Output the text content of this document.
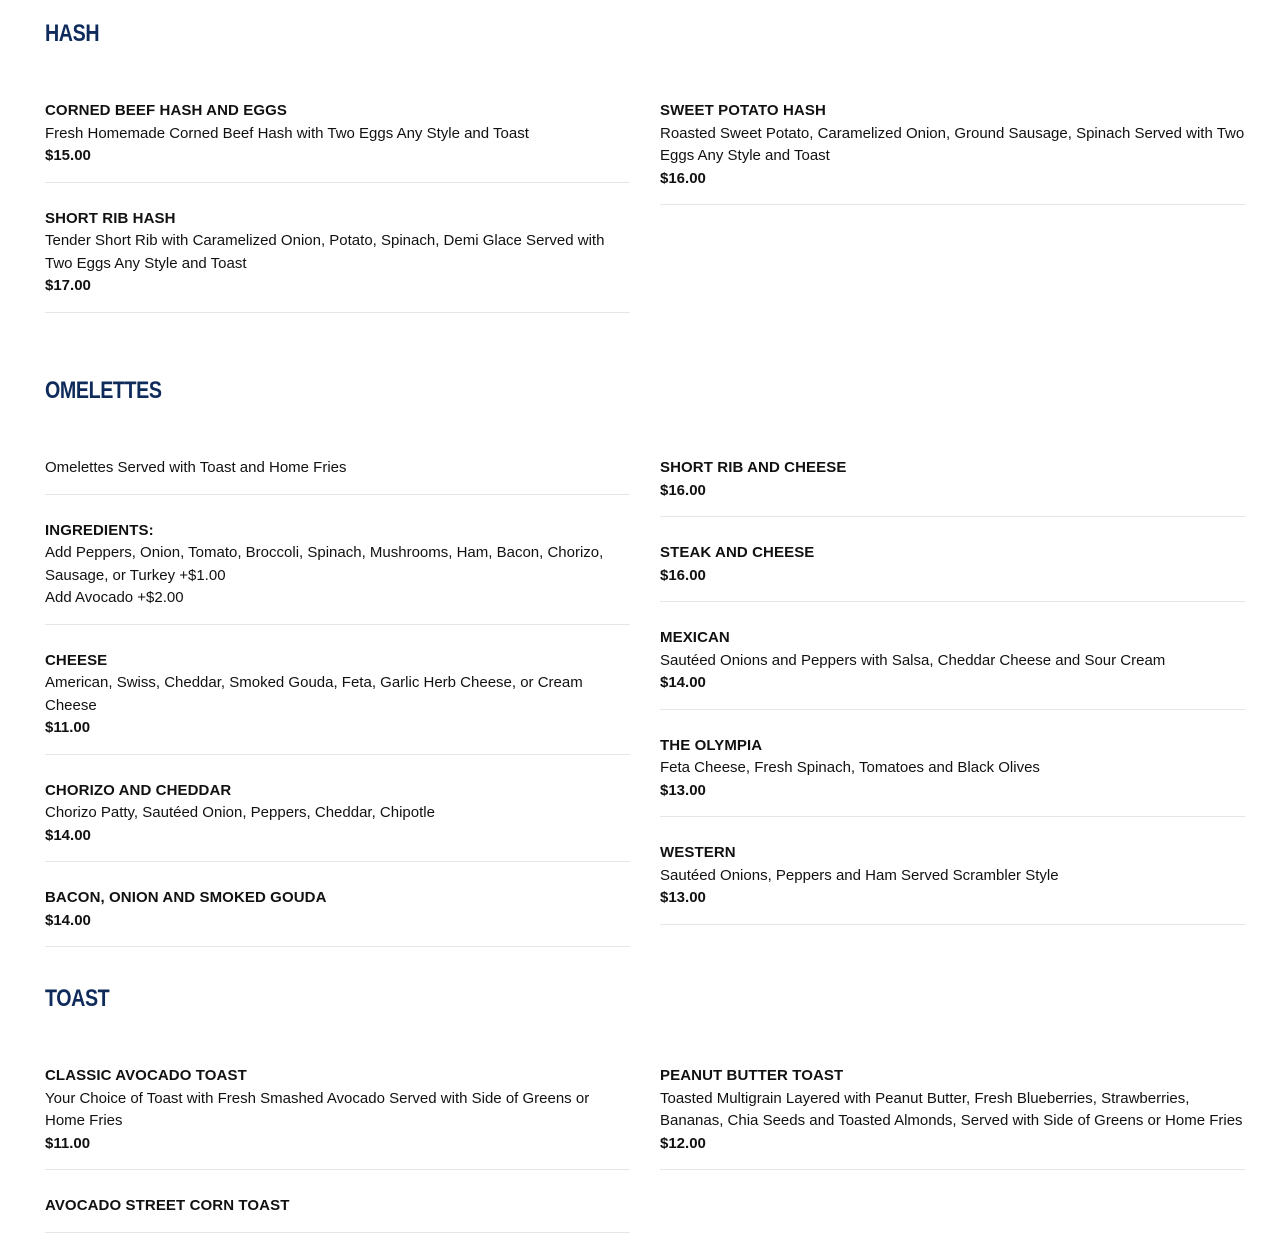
HASH
CORNED BEEF HASH AND EGGS
Fresh Homemade Corned Beef Hash with Two Eggs Any Style and Toast
$15.00
SHORT RIB HASH
Tender Short Rib with Caramelized Onion, Potato, Spinach, Demi Glace Served with Two Eggs Any Style and Toast
$17.00
SWEET POTATO HASH
Roasted Sweet Potato, Caramelized Onion, Ground Sausage, Spinach Served with Two Eggs Any Style and Toast
$16.00
OMELETTES
Omelettes Served with Toast and Home Fries
INGREDIENTS:
Add Peppers, Onion, Tomato, Broccoli, Spinach, Mushrooms, Ham, Bacon, Chorizo, Sausage, or Turkey +$1.00
Add Avocado +$2.00
CHEESE
American, Swiss, Cheddar, Smoked Gouda, Feta, Garlic Herb Cheese, or Cream Cheese
$11.00
CHORIZO AND CHEDDAR
Chorizo Patty, Sautéed Onion, Peppers, Cheddar, Chipotle
$14.00
BACON, ONION AND SMOKED GOUDA
$14.00
SHORT RIB AND CHEESE
$16.00
STEAK AND CHEESE
$16.00
MEXICAN
Sautéed Onions and Peppers with Salsa, Cheddar Cheese and Sour Cream
$14.00
THE OLYMPIA
Feta Cheese, Fresh Spinach, Tomatoes and Black Olives
$13.00
WESTERN
Sautéed Onions, Peppers and Ham Served Scrambler Style
$13.00
TOAST
CLASSIC AVOCADO TOAST
Your Choice of Toast with Fresh Smashed Avocado Served with Side of Greens or Home Fries
$11.00
AVOCADO STREET CORN TOAST
PEANUT BUTTER TOAST
Toasted Multigrain Layered with Peanut Butter, Fresh Blueberries, Strawberries, Bananas, Chia Seeds and Toasted Almonds, Served with Side of Greens or Home Fries
$12.00
